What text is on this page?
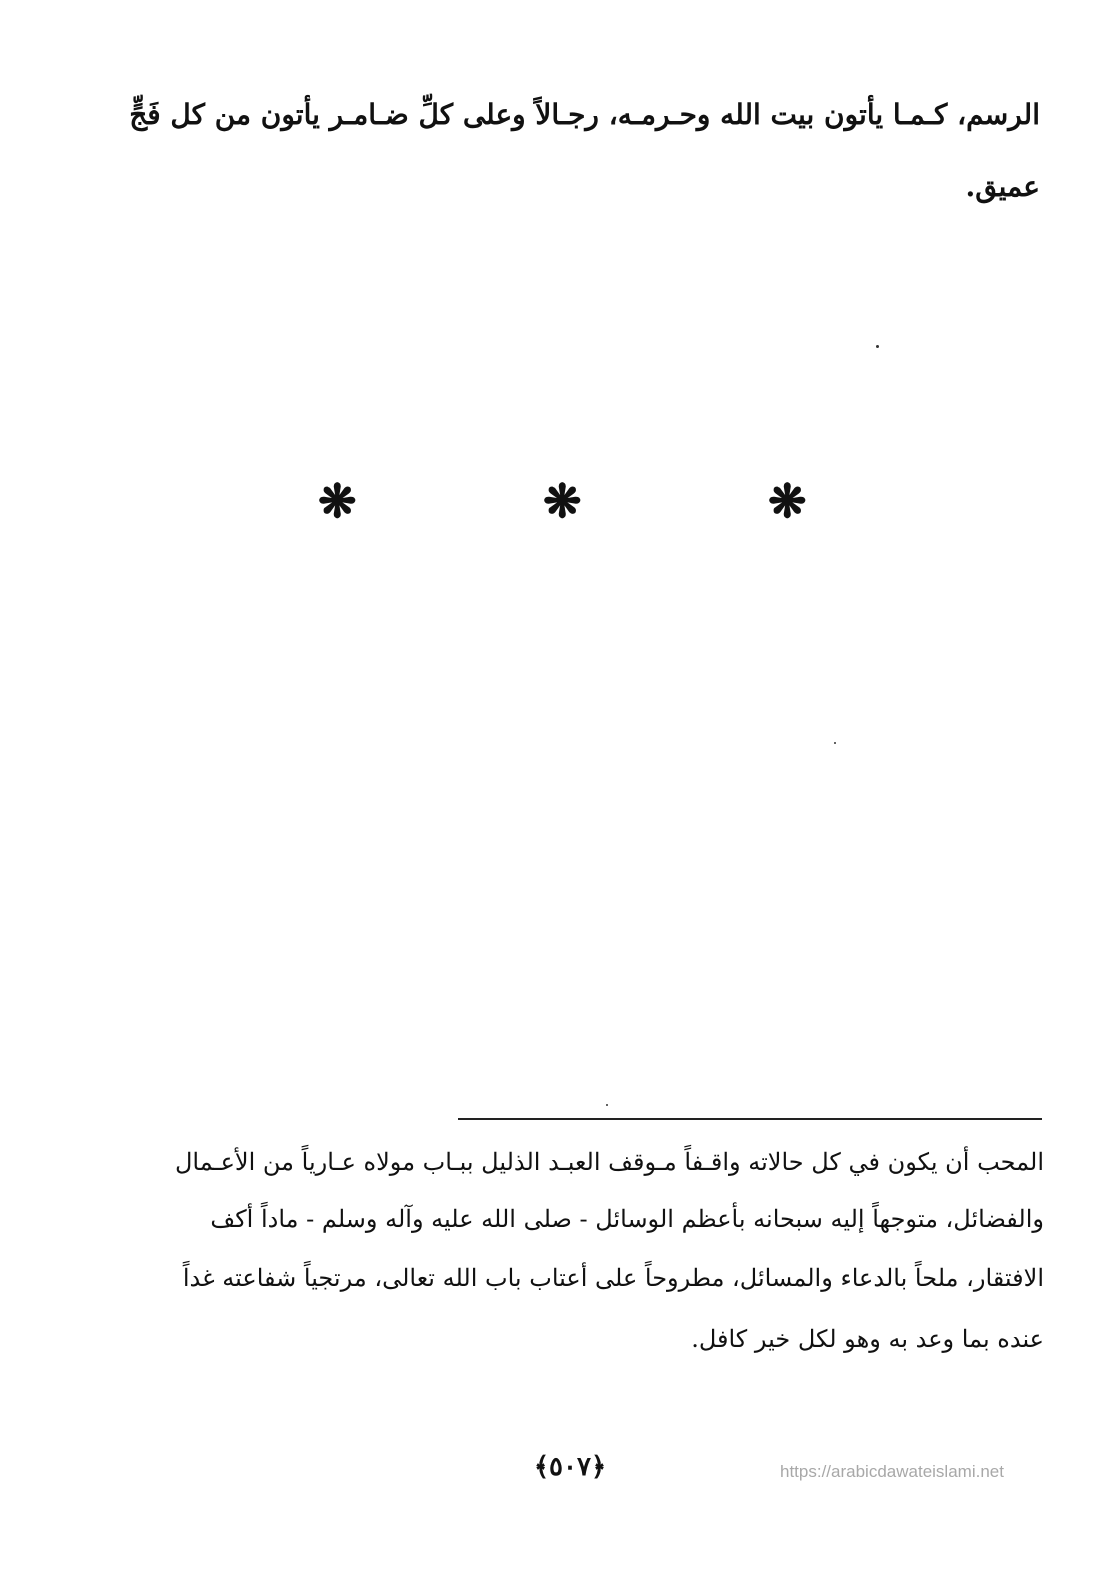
الرسم، كـمـا يأتون بيت الله وحـرمـه، رجـالاً وعلى كلِّ ضـامـر يأتون من كل فَجٍّ
عميق.
❋	❋	❋
المحب أن يكون في كل حالاته واقـفاً مـوقف العبـد الذليل ببـاب مولاه عـارياً من الأعـمال
والفضائل، متوجهاً إليه سبحانه بأعظم الوسائل - صلى الله عليه وآله وسلم - ماداً أكف
الافتقار، ملحاً بالدعاء والمسائل، مطروحاً على أعتاب باب الله تعالى، مرتجياً شفاعته غداً
عنده بما وعد به وهو لكل خير كافل.
﴿٥٠٧﴾	https://arabicdawateislami.net
